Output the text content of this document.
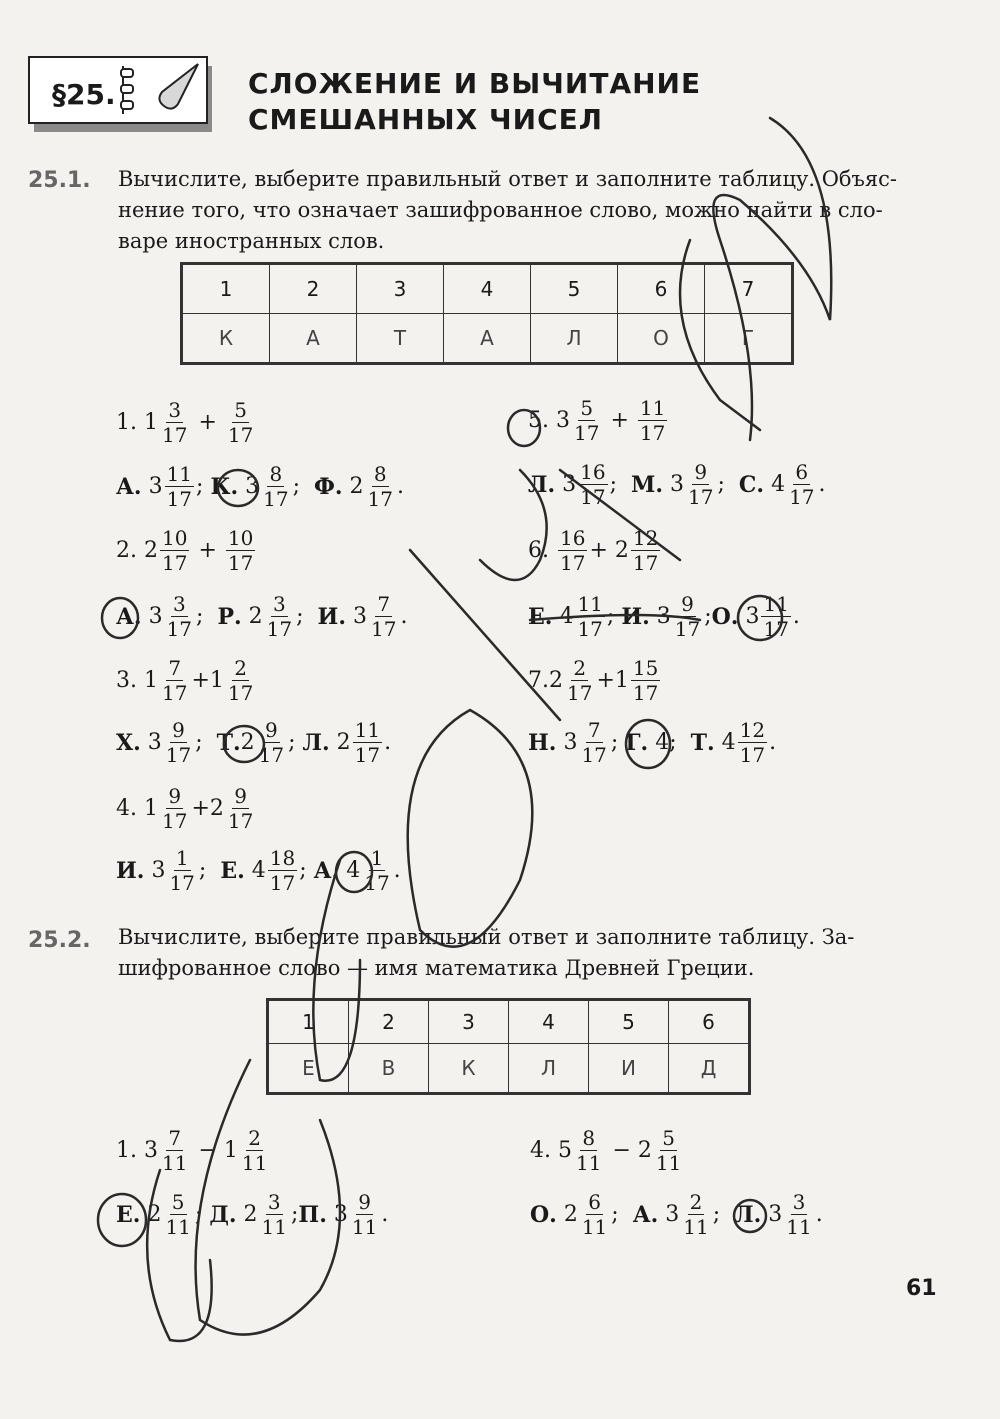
§25.	СЛОЖЕНИЕ И ВЫЧИТАНИЕ
СМЕШАННЫХ ЧИСЕЛ
25.1. Вычислите, выберите правильный ответ и заполните таблицу. Объяс-
нение того, что означает зашифрованное слово, можно найти в сло-
варе иностранных слов.
1	2	3	4	5	6	7
К	А	Т	А	Л	О	Г
1.
$1 \frac{3}{17}$
+
$\frac{5}{17}$
А.
$3 \frac{11}{17}$ ;
К.
$3 \frac{8}{17}$ ;
Ф.
$2 \frac{8}{17}$ .
5.
$3 \frac{5}{17}$
+
$\frac{11}{17}$
Л.
$3 \frac{16}{17}$ ;
М.
$3 \frac{9}{17}$ ;
С.
$4 \frac{6}{17}$ .
2.
$2 \frac{10}{17}$
+
$\frac{10}{17}$
А.
$3 \frac{3}{17}$ ;
Р.
$2 \frac{3}{17}$ ;
И.
$3 \frac{7}{17}$ .
6.
$\frac{16}{17}$ +
$2 \frac{12}{17}$
Е.
$4 \frac{11}{17}$ ;
И.
$3 \frac{9}{17}$ ; О.
$3 \frac{11}{17}$ .
3.
$1 \frac{7}{17} + 1 \frac{2}{17}$
Х.
$3 \frac{9}{17}$ ;
Т. $2 \frac{9}{17}$ ;
Л.
$2 \frac{11}{17}$ .
7. $2 \frac{2}{17} + 1 \frac{15}{17}$
Н.
$3 \frac{7}{17}$ ;
Г.
4 ;
Т.
$4 \frac{12}{17}$ .
4.
$1 \frac{9}{17} + 2 \frac{9}{17}$
И.
$3 \frac{1}{17}$ ;
Е.
$4 \frac{18}{17}$ ;
А.
$4 \frac{1}{17}$ .
25.2. Вычислите, выберите правильный ответ и заполните таблицу. За-
шифрованное слово — имя математика Древней Греции.
1	2	3	4	5	6
Е	В	К	Л	И	Д
1.
$3 \frac{7}{11}$
−
$1 \frac{2}{11}$
Е.
$2 \frac{5}{11}$ ;
Д.
$2 \frac{3}{11}$ ; П.
$3 \frac{9}{11}$ .
4.
$5 \frac{8}{11}$
−
$2 \frac{5}{11}$
О.
$2 \frac{6}{11}$ ;
А.
$3 \frac{2}{11}$ ;
Л.
$3 \frac{3}{11}$ .
61
